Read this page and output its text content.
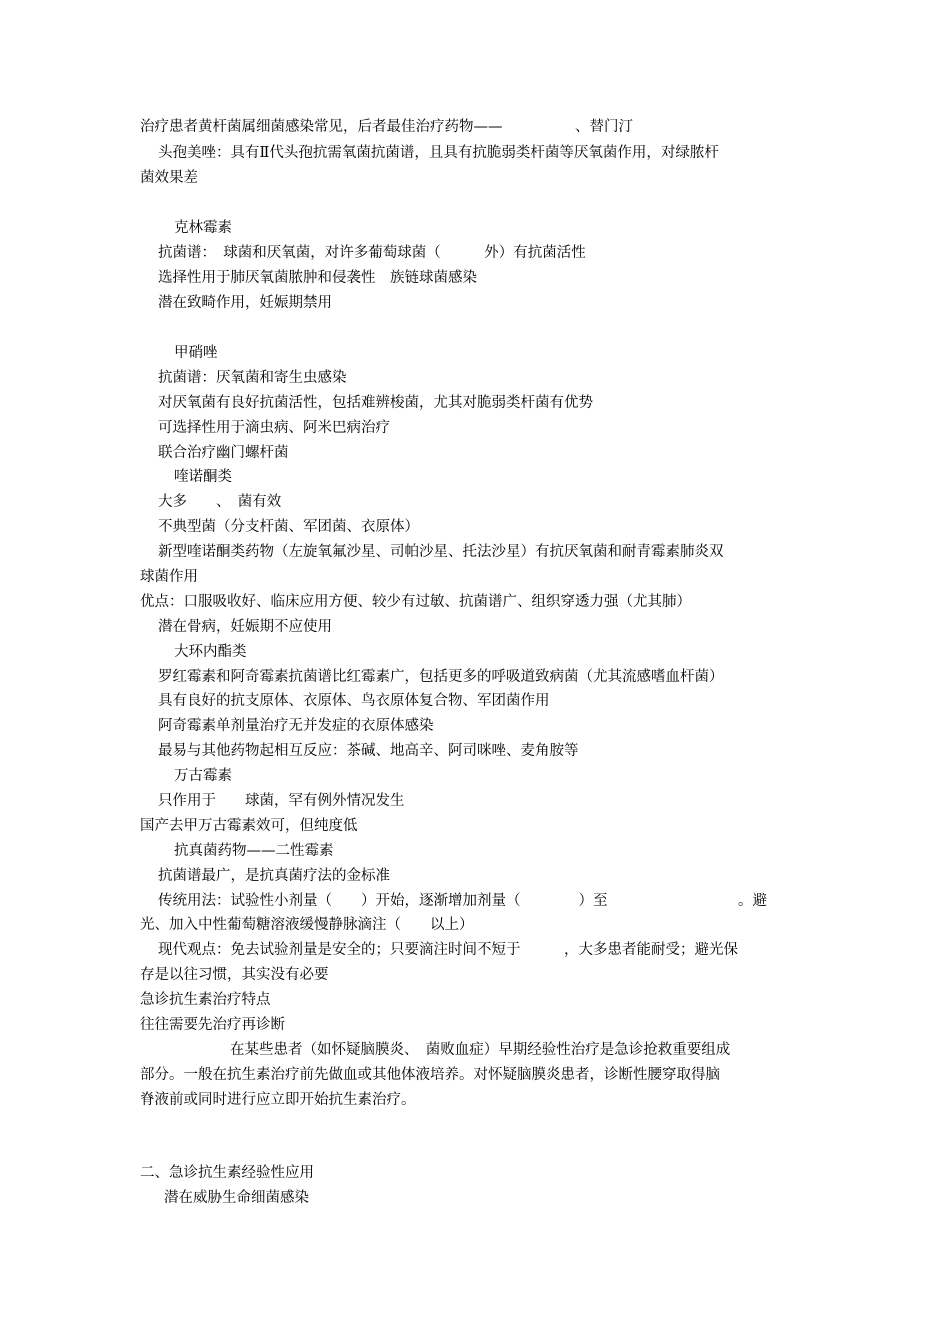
治疗患者黄杆菌属细菌感染常见，后者最佳治疗药物——　　　　　、替门汀
头孢美唑：具有Ⅱ代头孢抗需氧菌抗菌谱，且具有抗脆弱类杆菌等厌氧菌作用，对绿脓杆
菌效果差
克林霉素
抗菌谱：　球菌和厌氧菌，对许多葡萄球菌（　　　外）有抗菌活性
选择性用于肺厌氧菌脓肿和侵袭性　族链球菌感染
潜在致畸作用，妊娠期禁用
甲硝唑
抗菌谱：厌氧菌和寄生虫感染
对厌氧菌有良好抗菌活性，包括难辨梭菌，尤其对脆弱类杆菌有优势
可选择性用于滴虫病、阿米巴病治疗
联合治疗幽门螺杆菌
喹诺酮类
大多　　、　菌有效
不典型菌（分支杆菌、军团菌、衣原体）
新型喹诺酮类药物（左旋氧氟沙星、司帕沙星、托法沙星）有抗厌氧菌和耐青霉素肺炎双
球菌作用
优点：口服吸收好、临床应用方便、较少有过敏、抗菌谱广、组织穿透力强（尤其肺）
潜在骨病，妊娠期不应使用
大环内酯类
罗红霉素和阿奇霉素抗菌谱比红霉素广，包括更多的呼吸道致病菌（尤其流感嗜血杆菌）
具有良好的抗支原体、衣原体、鸟衣原体复合物、军团菌作用
阿奇霉素单剂量治疗无并发症的衣原体感染
最易与其他药物起相互反应：茶碱、地高辛、阿司咪唑、麦角胺等
万古霉素
只作用于　　球菌，罕有例外情况发生
国产去甲万古霉素效可，但纯度低
抗真菌药物——二性霉素
抗菌谱最广，是抗真菌疗法的金标准
传统用法：试验性小剂量（　　）开始，逐渐增加剂量（　　　　）至　　　　　　　　　。避
光、加入中性葡萄糖溶液缓慢静脉滴注（　　以上）
现代观点：免去试验剂量是安全的；只要滴注时间不短于　　　，大多患者能耐受；避光保
存是以往习惯，其实没有必要
急诊抗生素治疗特点
往往需要先治疗再诊断
在某些患者（如怀疑脑膜炎、　菌败血症）早期经验性治疗是急诊抢救重要组成
部分。一般在抗生素治疗前先做血或其他体液培养。对怀疑脑膜炎患者，诊断性腰穿取得脑
脊液前或同时进行应立即开始抗生素治疗。
二、急诊抗生素经验性应用
潜在威胁生命细菌感染
